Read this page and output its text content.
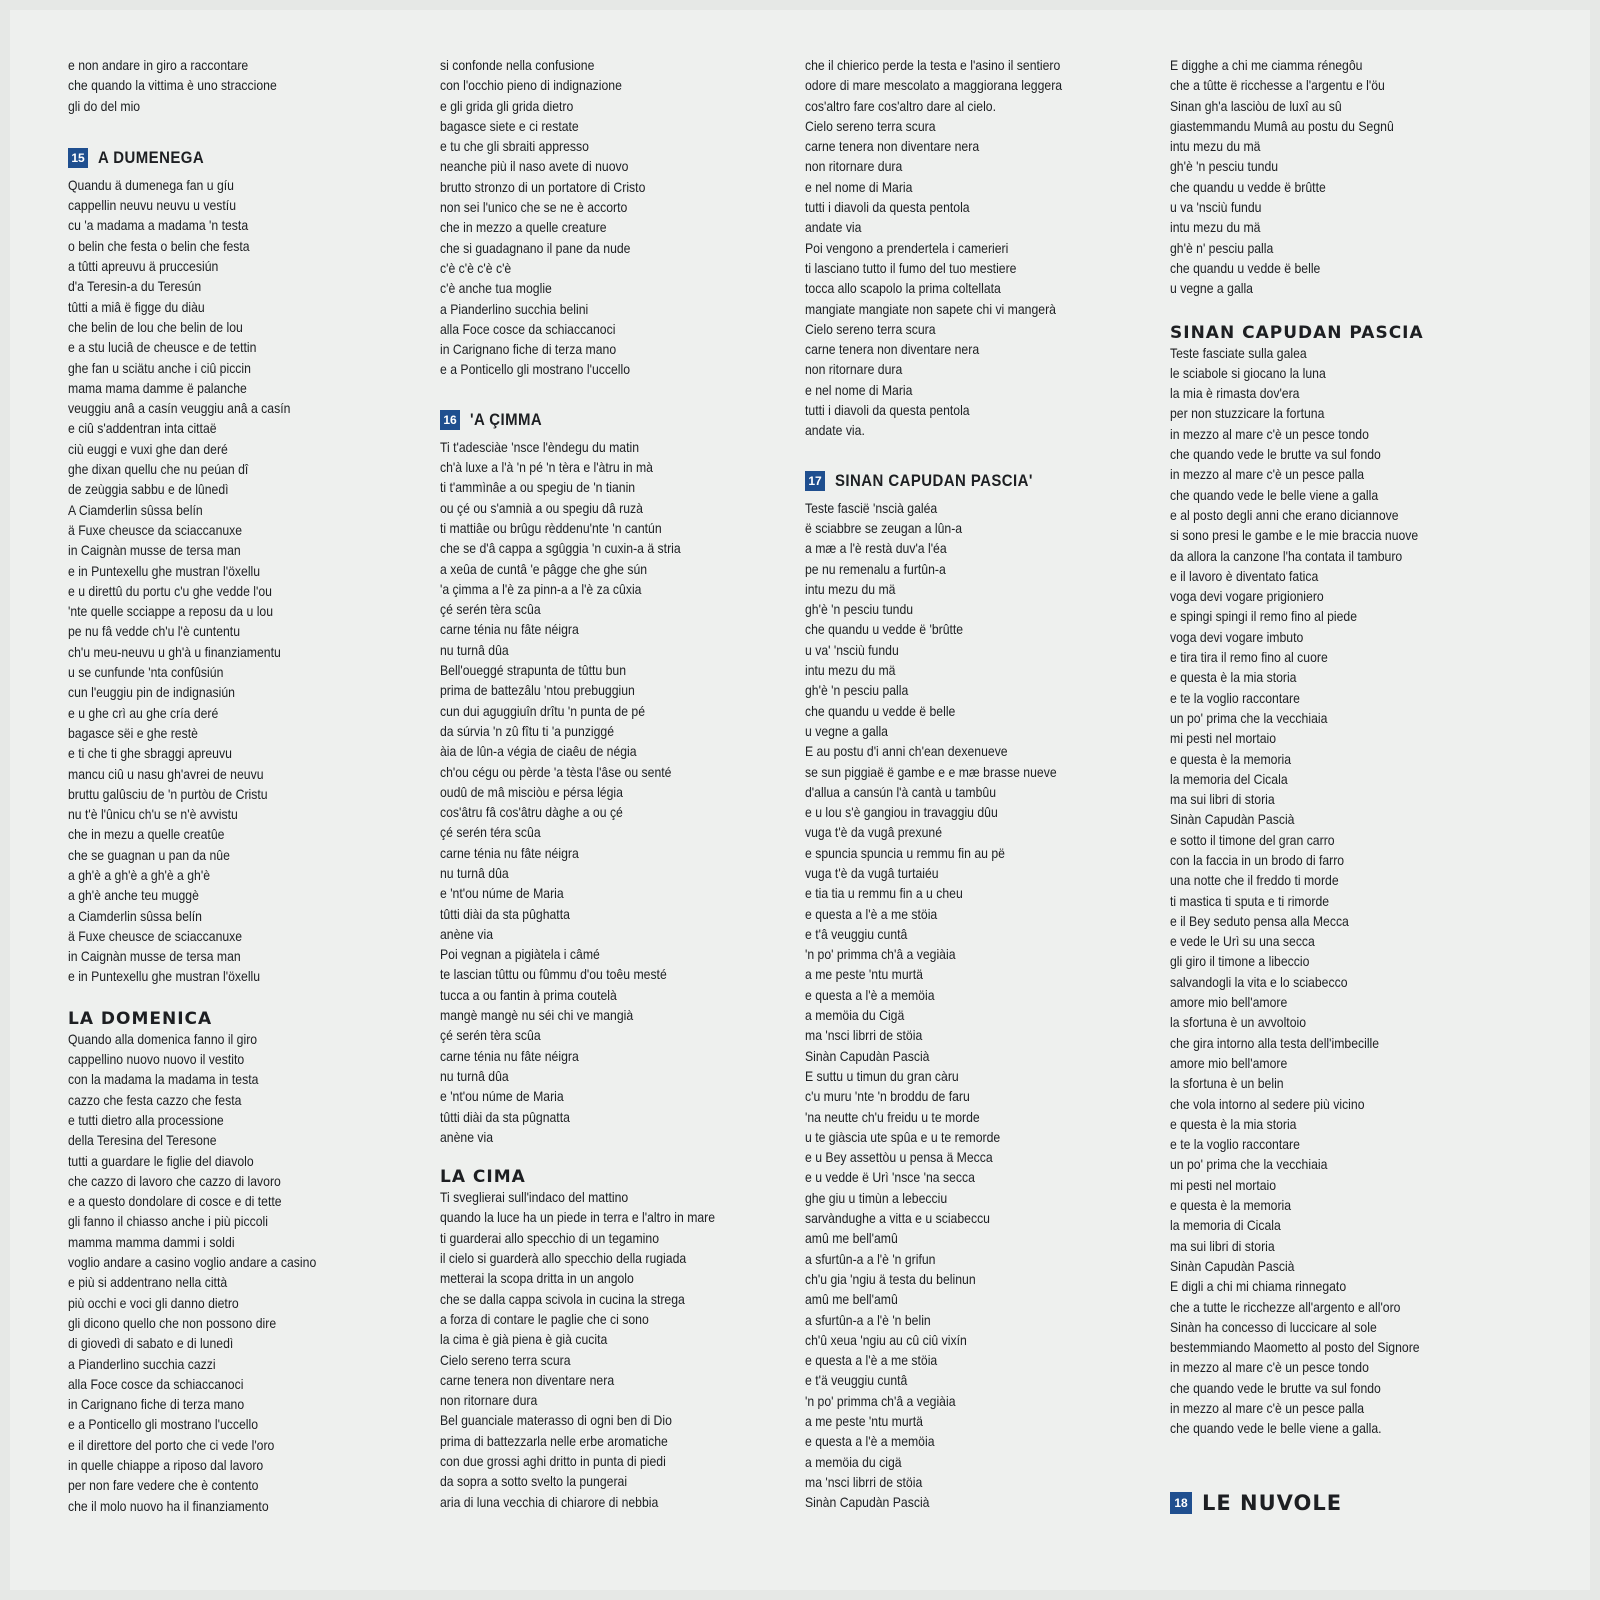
e non andare in giro a raccontare
che quando la vittima è uno straccione
gli do del mio
15 A DUMENEGA
Quandu ä dumenega fan u gíu
cappellin neuvu neuvu u vestíu
cu 'a madama a madama 'n testa
o belin che festa o belin che festa
a tûtti apreuvu ä pruccesiún
d'a Teresin-a du Teresún
tûtti a miâ ë figge du diàu
che belin de lou che belin de lou
e a stu luciâ de cheusce e de tettin
ghe fan u sciätu anche i ciû piccin
mama mama damme ë palanche
veuggiu anâ a casín veuggiu anâ a casín
e ciû s'addentran inta cittaë
ciù euggi e vuxi ghe dan deré
ghe dixan quellu che nu peúan dî
de zeùggia sabbu e de lûnedì
A Ciamderlin sûssa belín
ä Fuxe cheusce da sciaccanuxe
in Caignàn musse de tersa man
e in Puntexellu ghe mustran l'öxellu
e u direttû du portu c'u ghe vedde l'ou
'nte quelle scciappe a reposu da u lou
pe nu fâ vedde ch'u l'è cuntentu
ch'u meu-neuvu u gh'à u finanziamentu
u se cunfunde 'nta confûsiún
cun l'euggiu pin de indignasiún
e u ghe crì au ghe cría deré
bagasce sëi e ghe restè
e ti che ti ghe sbraggi apreuvu
mancu ciû u nasu gh'avrei de neuvu
bruttu galûsciu de 'n purtòu de Cristu
nu t'è l'ûnicu ch'u se n'è avvistu
che in mezu a quelle creatûe
che se guagnan u pan da nûe
a gh'è a gh'è a gh'è a gh'è
a gh'è anche teu muggè
a Ciamderlin sûssa belín
ä Fuxe cheusce de sciaccanuxe
in Caignàn musse de tersa man
e in Puntexellu ghe mustran l'öxellu
LA DOMENICA
Quando alla domenica fanno il giro
cappellino nuovo nuovo il vestito
con la madama la madama in testa
cazzo che festa cazzo che festa
e tutti dietro alla processione
della Teresina del Teresone
tutti a guardare le figlie del diavolo
che cazzo di lavoro che cazzo di lavoro
e a questo dondolare di cosce e di tette
gli fanno il chiasso anche i più piccoli
mamma mamma dammi i soldi
voglio andare a casino voglio andare a casino
e più si addentrano nella città
più occhi e voci gli danno dietro
gli dicono quello che non possono dire
di giovedì di sabato e di lunedì
a Pianderlino succhia cazzi
alla Foce cosce da schiaccanoci
in Carignano fiche di terza mano
e a Ponticello gli mostrano l'uccello
e il direttore del porto che ci vede l'oro
in quelle chiappe a riposo dal lavoro
per non fare vedere che è contento
che il molo nuovo ha il finanziamento
si confonde nella confusione
con l'occhio pieno di indignazione
e gli grida gli grida dietro
bagasce siete e ci restate
e tu che gli sbraiti appresso
neanche più il naso avete di nuovo
brutto stronzo di un portatore di Cristo
non sei l'unico che se ne è accorto
che in mezzo a quelle creature
che si guadagnano il pane da nude
c'è c'è c'è c'è
c'è anche tua moglie
a Pianderlino succhia belini
alla Foce cosce da schiaccanoci
in Carignano fiche di terza mano
e a Ponticello gli mostrano l'uccello
16 'A ÇIMMA
Ti t'adesciàe 'nsce l'èndegu du matin
ch'à luxe a l'à 'n pé 'n tèra e l'àtru in mà
ti t'ammìnâe a ou spegiu de 'n tianin
ou çé ou s'amnià a ou spegiu dâ ruzà
ti mattiâe ou brûgu rèddenu'nte 'n cantún
che se d'â cappa a sgûggia 'n cuxin-a ä stria
a xeûa de cuntâ 'e pâgge che ghe sún
'a çimma a l'è za pinn-a a l'è za cûxia
çé serén tèra scûa
carne ténia nu fâte néigra
nu turnâ dûa
Bell'oueggé strapunta de tûttu bun
prima de battezâlu 'ntou prebuggiun
cun dui aguggiuîn drîtu 'n punta de pé
da súrvia 'n zû fîtu ti 'a punziggé
àia de lûn-a végia de ciaêu de négia
ch'ou cégu ou pèrde 'a tèsta l'âse ou senté
oudû de mâ misciòu e pérsa légia
cos'âtru fâ cos'âtru dàghe a ou çé
çé serén téra scûa
carne ténia nu fâte néigra
nu turnâ dûa
e 'nt'ou núme de Maria
tûtti diài da sta pûghatta
anène via
Poi vegnan a pigiàtela i câmé
te lascian tûttu ou fûmmu d'ou toêu mesté
tucca a ou fantin à prima coutelà
mangè mangè nu séi chi ve mangià
çé serén tèra scûa
carne ténia nu fâte néigra
nu turnâ dûa
e 'nt'ou núme de Maria
tûtti diài da sta pûgnatta
anène via
LA CIMA
Ti sveglierai sull'indaco del mattino
quando la luce ha un piede in terra e l'altro in mare
ti guarderai allo specchio di un tegamino
il cielo si guarderà allo specchio della rugiada
metterai la scopa dritta in un angolo
che se dalla cappa scivola in cucina la strega
a forza di contare le paglie che ci sono
la cima è già piena è già cucita
Cielo sereno terra scura
carne tenera non diventare nera
non ritornare dura
Bel guanciale materasso di ogni ben di Dio
prima di battezzarla nelle erbe aromatiche
con due grossi aghi dritto in punta di piedi
da sopra a sotto svelto la pungerai
aria di luna vecchia di chiarore di nebbia
che il chierico perde la testa e l'asino il sentiero
odore di mare mescolato a maggiorana leggera
cos'altro fare cos'altro dare al cielo.
Cielo sereno terra scura
carne tenera non diventare nera
non ritornare dura
e nel nome di Maria
tutti i diavoli da questa pentola
andate via
Poi vengono a prendertela i camerieri
ti lasciano tutto il fumo del tuo mestiere
tocca allo scapolo la prima coltellata
mangiate mangiate non sapete chi vi mangerà
Cielo sereno terra scura
carne tenera non diventare nera
non ritornare dura
e nel nome di Maria
tutti i diavoli da questa pentola
andate via.
17 SINAN CAPUDAN PASCIA'
Teste fascië 'nscià galéa
ë sciabbre se zeugan a lûn-a
a mæ a l'è restà duv'a l'éa
pe nu remenalu a furtûn-a
intu mezu du mä
gh'è 'n pesciu tundu
che quandu u vedde ë 'brûtte
u va' 'nsciù fundu
intu mezu du mä
gh'è 'n pesciu palla
che quandu u vedde ë belle
u vegne a galla
E au postu d'i anni ch'ean dexenueve
se sun piggiaë ë gambe e e mæ brasse nueve
d'allua a cansún l'à cantà u tambûu
e u lou s'è gangiou in travaggiu dûu
vuga t'è da vugâ prexuné
e spuncia spuncia u remmu fin au pë
vuga t'è da vugâ turtaiéu
e tia tia u remmu fin a u cheu
e questa a l'è a me stöia
e t'â veuggiu cuntâ
'n po' primma ch'â a vegiàia
a me peste 'ntu murtä
e questa a l'è a memöia
a memöia du Cigä
ma 'nsci librri de stöia
Sinàn Capudàn Pascià
E suttu u timun du gran càru
c'u muru 'nte 'n broddu de faru
'na neutte ch'u freidu u te morde
u te giàscia ute spûa e u te remorde
e u Bey assettòu u pensa ä Mecca
e u vedde ë Urì 'nsce 'na secca
ghe giu u timùn a lebecciu
sarvàndughe a vitta e u sciabeccu
amû me bell'amû
a sfurtûn-a a l'è 'n grifun
ch'u gia 'ngiu ä testa du belinun
amû me bell'amû
a sfurtûn-a a l'è 'n belin
ch'û xeua 'ngiu au cû ciû vixín
e questa a l'è a me stöia
e t'ä veuggiu cuntâ
'n po' primma ch'â a vegiàia
a me peste 'ntu murtä
e questa a l'è a memöia
a memöia du cigä
ma 'nsci librri de stöia
Sinàn Capudàn Pascià
E digghe a chi me ciamma rénegôu
che a tûtte ë ricchesse a l'argentu e l'öu
Sinan gh'a lasciòu de luxî au sû
giastemmandu Mumâ au postu du Segnû
intu mezu du mä
gh'è 'n pesciu tundu
che quandu u vedde ë brûtte
u va 'nsciù fundu
intu mezu du mä
gh'è n' pesciu palla
che quandu u vedde ë belle
u vegne a galla
SINAN CAPUDAN PASCIA
Teste fasciate sulla galea
le sciabole si giocano la luna
la mia è rimasta dov'era
per non stuzzicare la fortuna
in mezzo al mare c'è un pesce tondo
che quando vede le brutte va sul fondo
in mezzo al mare c'è un pesce palla
che quando vede le belle viene a galla
e al posto degli anni che erano diciannove
si sono presi le gambe e le mie braccia nuove
da allora la canzone l'ha contata il tamburo
e il lavoro è diventato fatica
voga devi vogare prigioniero
e spingi spingi il remo fino al piede
voga devi vogare imbuto
e tira tira il remo fino al cuore
e questa è la mia storia
e te la voglio raccontare
un po' prima che la vecchiaia
mi pesti nel mortaio
e questa è la memoria
la memoria del Cicala
ma sui libri di storia
Sinàn Capudàn Pascià
e sotto il timone del gran carro
con la faccia in un brodo di farro
una notte che il freddo ti morde
ti mastica ti sputa e ti rimorde
e il Bey seduto pensa alla Mecca
e vede le Urì su una secca
gli giro il timone a libeccio
salvandogli la vita e lo sciabecco
amore mio bell'amore
la sfortuna è un avvoltoio
che gira intorno alla testa dell'imbecille
amore mio bell'amore
la sfortuna è un belin
che vola intorno al sedere più vicino
e questa è la mia storia
e te la voglio raccontare
un po' prima che la vecchiaia
mi pesti nel mortaio
e questa è la memoria
la memoria di Cicala
ma sui libri di storia
Sinàn Capudàn Pascià
E digli a chi mi chiama rinnegato
che a tutte le ricchezze all'argento e all'oro
Sinàn ha concesso di luccicare al sole
bestemmiando Maometto al posto del Signore
in mezzo al mare c'è un pesce tondo
che quando vede le brutte va sul fondo
in mezzo al mare c'è un pesce palla
che quando vede le belle viene a galla.
18 LE NUVOLE
